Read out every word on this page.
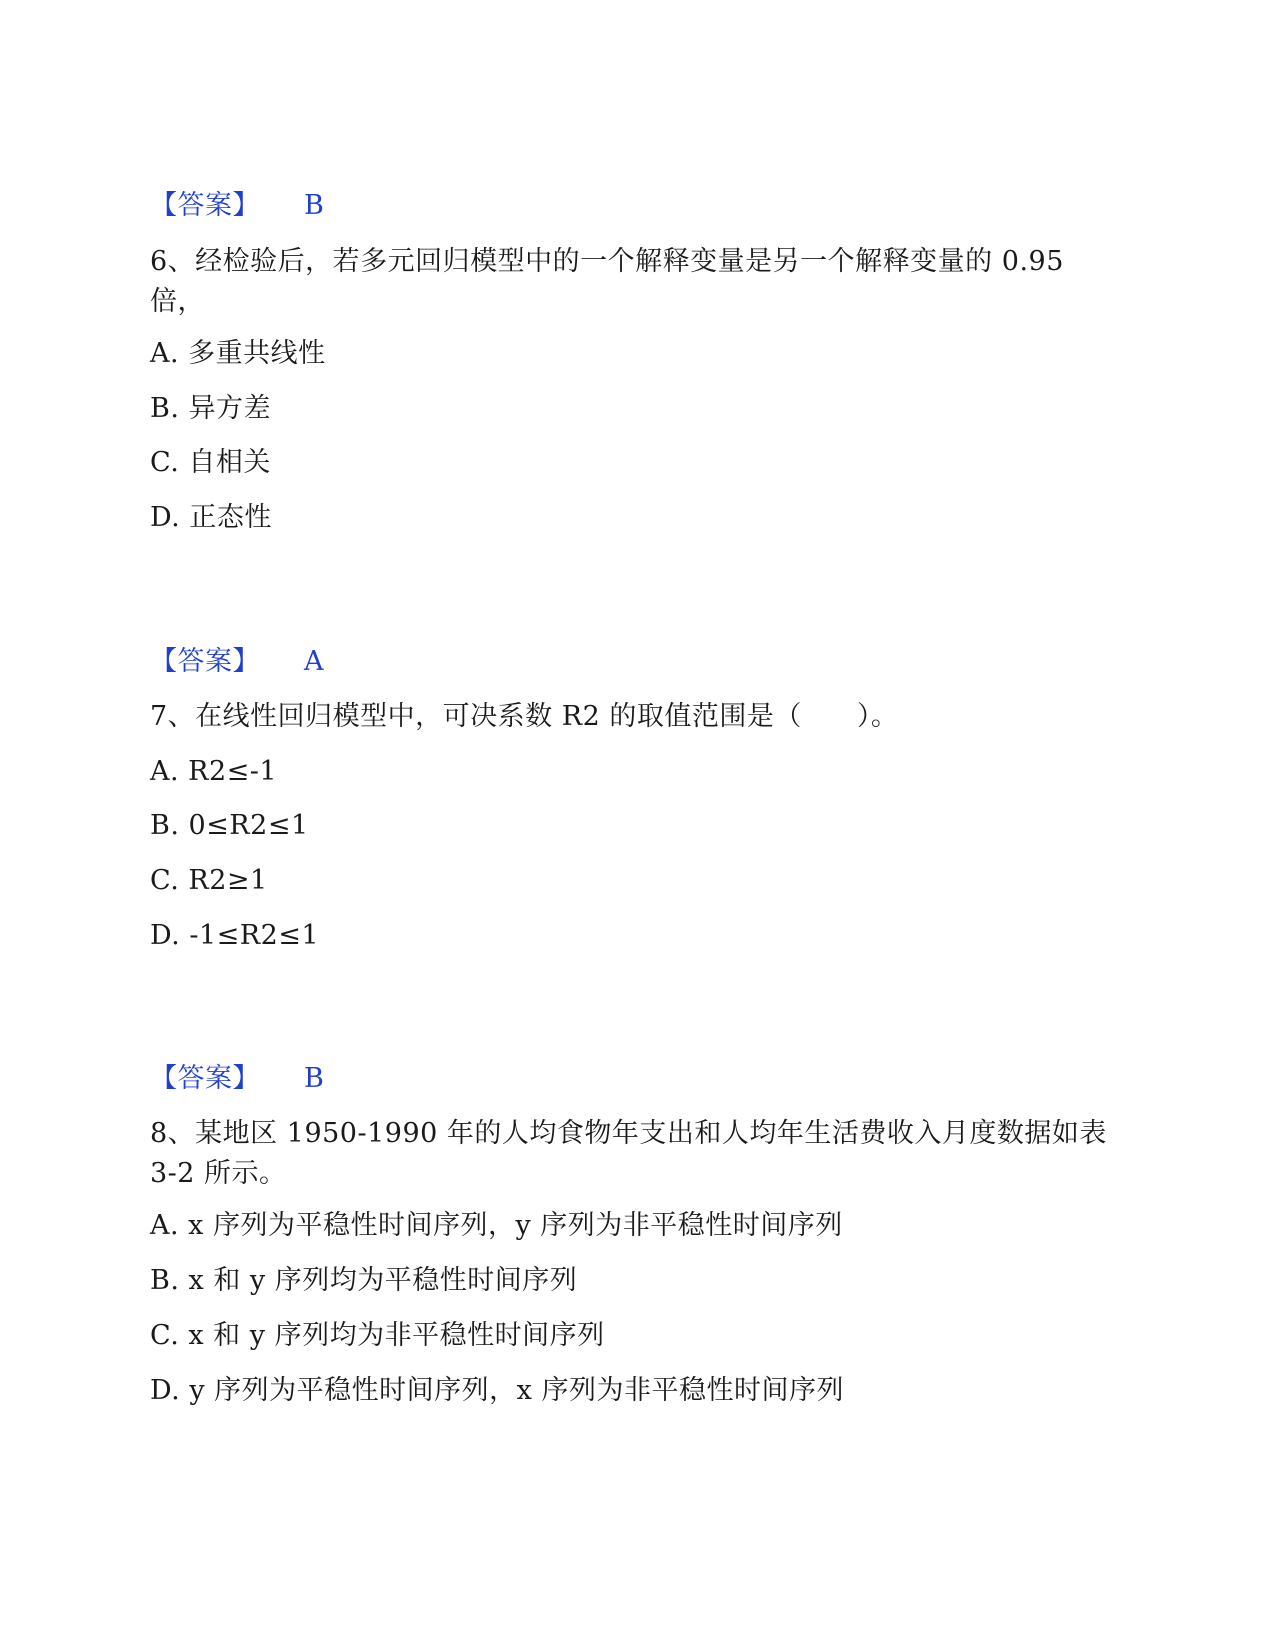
【答案】 B
6、经检验后，若多元回归模型中的一个解释变量是另一个解释变量的 0.95 倍，
A. 多重共线性
B. 异方差
C. 自相关
D. 正态性
【答案】 A
7、在线性回归模型中，可决系数 R2 的取值范围是（　　）。
A. R2≤-1
B. 0≤R2≤1
C. R2≥1
D. -1≤R2≤1
【答案】 B
8、某地区 1950-1990 年的人均食物年支出和人均年生活费收入月度数据如表 3-2 所示。
A. x 序列为平稳性时间序列，y 序列为非平稳性时间序列
B. x 和 y 序列均为平稳性时间序列
C. x 和 y 序列均为非平稳性时间序列
D. y 序列为平稳性时间序列，x 序列为非平稳性时间序列
